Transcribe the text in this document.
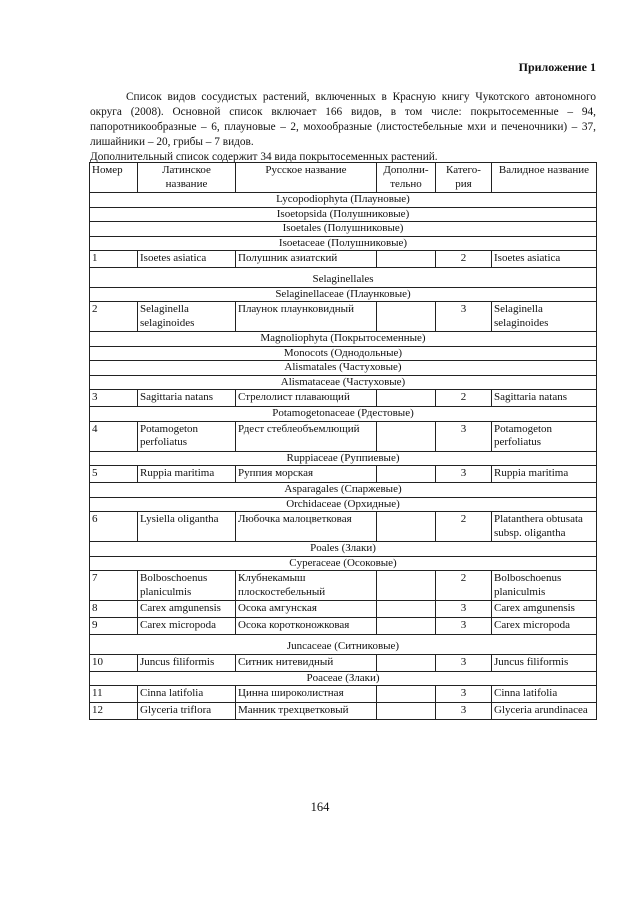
Приложение 1

Список видов сосудистых растений, включенных в Красную книгу Чукотского автономного округа (2008). Основной список включает 166 видов, в том числе: покрытосеменные – 94, папоротникообразные – 6, плауновые – 2, мохообразные (листостебельные мхи и печеночники) – 37, лишайники – 20, грибы – 7 видов.

Дополнительный список содержит 34 вида покрытосеменных растений.

Номер	Латинское название	Русское название	Дополни-тельно	Катего-рия	Валидное название
Lycopodiophyta (Плауновые)					
Isoetopsida (Полушниковые)					
Isoetales (Полушниковые)					
Isoetaceae (Полушниковые)					
1	Isoetes asiatica	Полушник азиатский		2	Isoetes asiatica
Selaginellales					
Selaginellaceae (Плаунковые)					
2	Selaginella selaginoides	Плаунок плаунковидный		3	Selaginella selaginoides
Magnoliophyta (Покрытосеменные)					
Monocots (Однодольные)					
Alismatales (Частуховые)					
Alismataceae (Частуховые)					
3	Sagittaria natans	Стрелолист плавающий		2	Sagittaria natans
Potamogetonaceae (Рдестовые)					
4	Potamogeton perfoliatus	Рдест стеблеобъемлющий		3	Potamogeton perfoliatus
Ruppiaceae (Руппиевые)					
5	Ruppia maritima	Руппия морская		3	Ruppia maritima
Asparagales (Спаржевые)					
Orchidaceae (Орхидные)					
6	Lysiella oligantha	Любочка малоцветковая		2	Platanthera obtusata subsp. oligantha
Poales (Злаки)					
Cyperaceae (Осоковые)					
7	Bolboschoenus planiculmis	Клубнекамыш плоскостебельный		2	Bolboschoenus planiculmis
8	Carex amgunensis	Осока амгунская		3	Carex amgunensis
9	Carex micropoda	Осока коротконожковая		3	Carex micropoda
Juncaceae (Ситниковые)					
10	Juncus filiformis	Ситник нитевидный		3	Juncus filiformis
Poaceae (Злаки)					
11	Cinna latifolia	Цинна широколистная		3	Cinna latifolia
12	Glyceria triflora	Манник трехцветковый		3	Glyceria arundinacea
164
